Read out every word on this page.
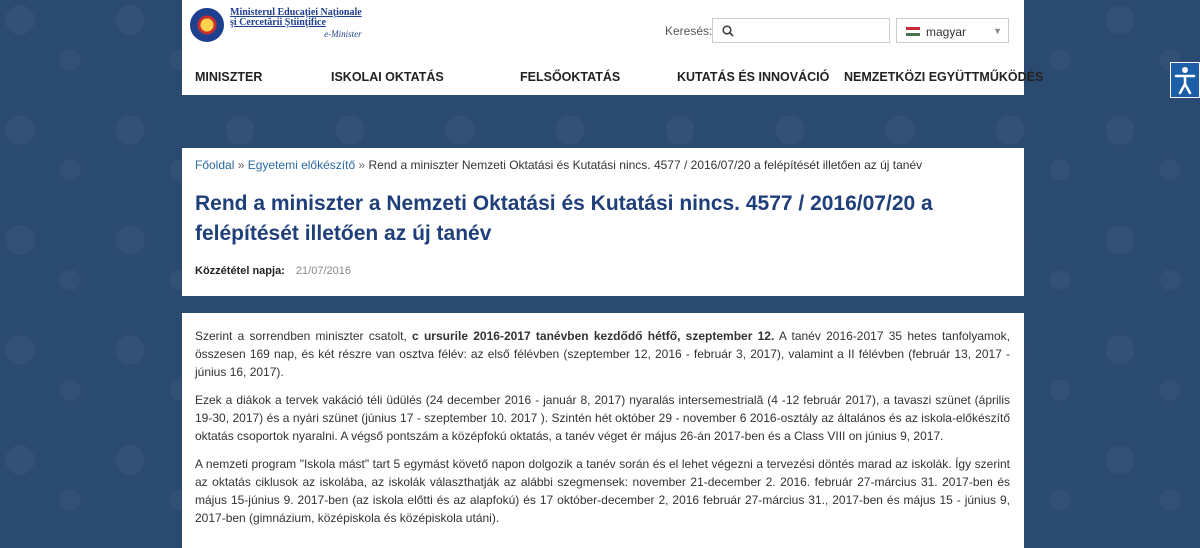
Ministerul Educaţiei Naţionale
şi Cercetării Ştiinţifice
e-Minister	Keresés:	magyar	▼
MINISZTER	ISKOLAI OKTATÁS	FELSŐOKTATÁS	KUTATÁS ÉS INNOVÁCIÓ NEMZETKÖZI EGYÜTTMŰKÖDÉS
Főoldal » Egyetemi előkészítő » Rend a miniszter Nemzeti Oktatási és Kutatási nincs. 4577 / 2016/07/20 a felépítését illetően az új tanév
Rend a miniszter a Nemzeti Oktatási és Kutatási nincs. 4577 / 2016/07/20 a felépítését illetően az új tanév
Közzététel napja: 21/07/2016

Szerint a sorrendben miniszter csatolt, c ursurile 2016-2017 tanévben kezdődő hétfő, szeptember 12. A tanév 2016-2017 35 hetes tanfolyamok, összesen 169 nap, és két részre van osztva félév: az első félévben (szeptember 12, 2016 - február 3, 2017), valamint a II félévben (február 13, 2017 - június 16, 2017).

Ezek a diákok a tervek vakáció téli üdülés (24 december 2016 - január 8, 2017) nyaralás intersemestrială (4 -12 február 2017), a tavaszi szünet (április 19-30, 2017) és a nyári szünet (június 17 - szeptember 10. 2017 ). Szintén hét október 29 - november 6 2016-osztály az általános és az iskola-előkészítő oktatás csoportok nyaralni. A végső pontszám a középfokú oktatás, a tanév véget ér május 26-án 2017-ben és a Class VIII on június 9, 2017.

A nemzeti program "Iskola mást" tart 5 egymást követő napon dolgozik a tanév során és el lehet végezni a tervezési döntés marad az iskolák. Így szerint az oktatás ciklusok az iskolába, az iskolák választhatják az alábbi szegmensek: november 21-december 2. 2016. február 27-március 31. 2017-ben és május 15-június 9. 2017-ben (az iskola előtti és az alapfokú) és 17 október-december 2, 2016 február 27-március 31., 2017-ben és május 15 - június 9, 2017-ben (gimnázium, középiskola és középiskola utáni).
